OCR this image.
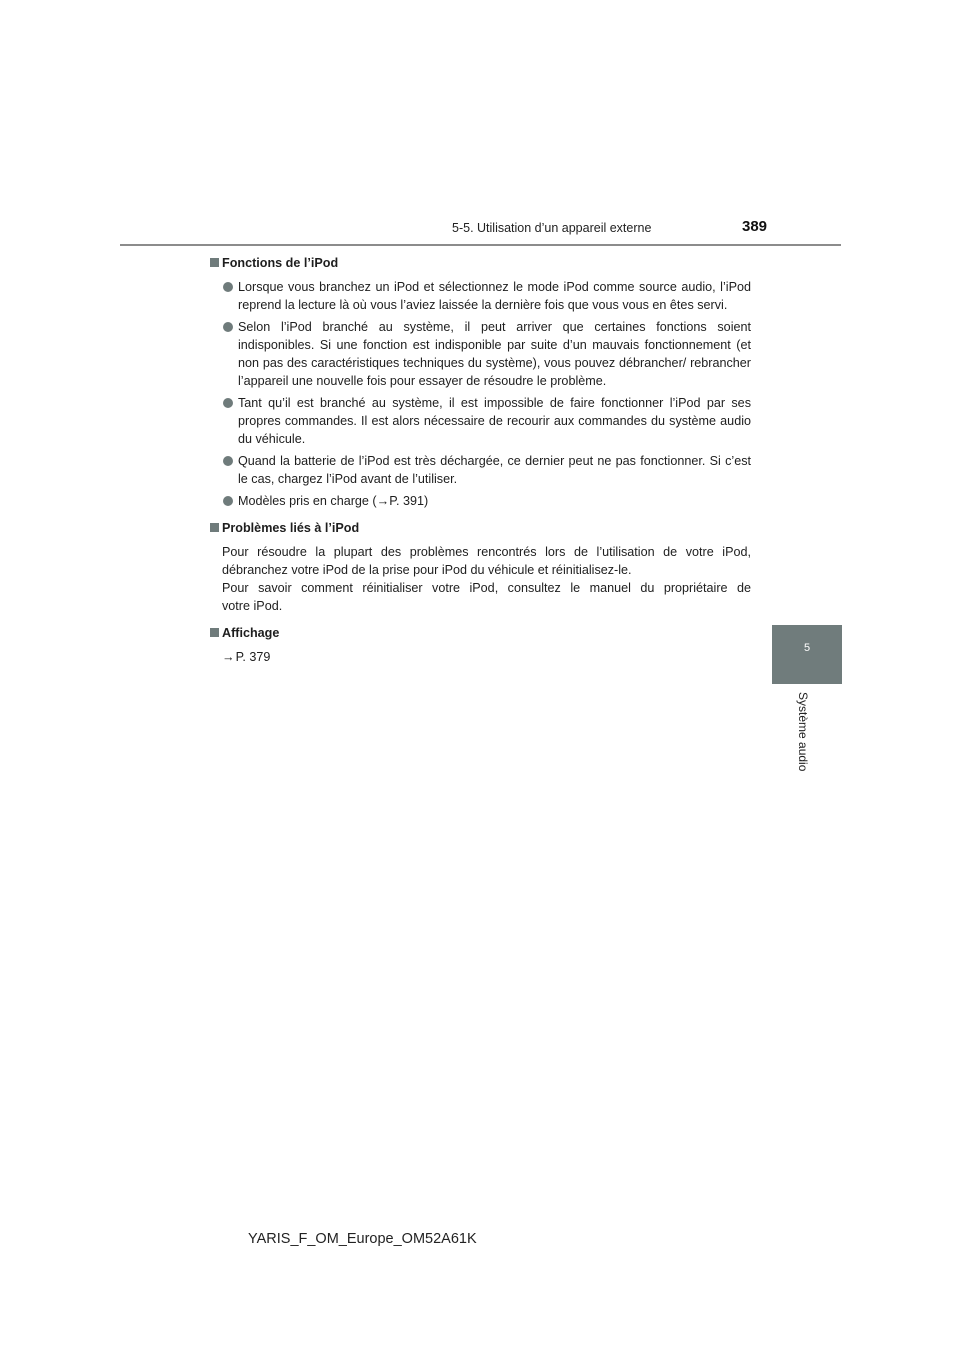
5-5. Utilisation d’un appareil externe	389
5
Système audio
Fonctions de l’iPod
Lorsque vous branchez un iPod et sélectionnez le mode iPod comme source audio, l’iPod reprend la lecture là où vous l’aviez laissée la dernière fois que vous vous en êtes servi.
Selon l’iPod branché au système, il peut arriver que certaines fonctions soient indisponibles. Si une fonction est indisponible par suite d’un mauvais fonctionnement (et non pas des caractéristiques techniques du système), vous pouvez débrancher/ rebrancher l’appareil une nouvelle fois pour essayer de résoudre le problème.
Tant qu’il est branché au système, il est impossible de faire fonctionner l’iPod par ses propres commandes. Il est alors nécessaire de recourir aux commandes du système audio du véhicule.
Quand la batterie de l’iPod est très déchargée, ce dernier peut ne pas fonctionner. Si c’est le cas, chargez l’iPod avant de l’utiliser.
Modèles pris en charge (→P. 391)
Problèmes liés à l’iPod
Pour résoudre la plupart des problèmes rencontrés lors de l’utilisation de votre iPod,
débranchez votre iPod de la prise pour iPod du véhicule et réinitialisez-le.
Pour savoir comment réinitialiser votre iPod, consultez le manuel du propriétaire de
votre iPod.
Affichage
→P. 379
YARIS_F_OM_Europe_OM52A61K
